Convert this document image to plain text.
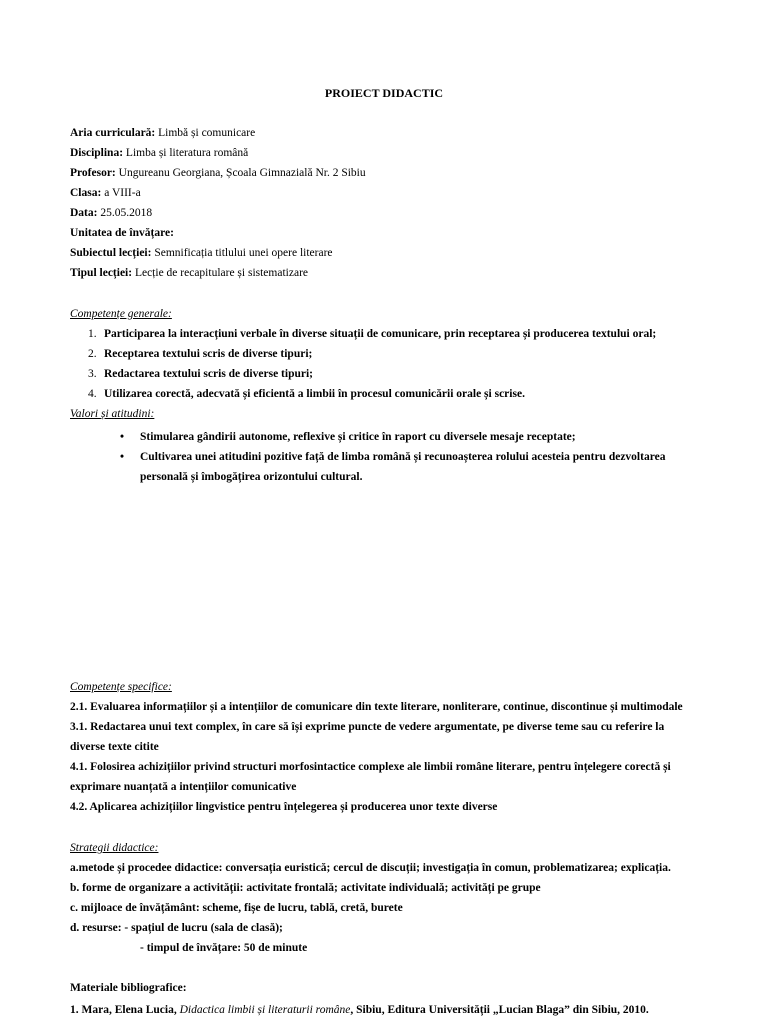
PROIECT DIDACTIC
Aria curriculară: Limbă și comunicare
Disciplina: Limba și literatura română
Profesor: Ungureanu Georgiana, Școala Gimnazială Nr. 2 Sibiu
Clasa: a VIII-a
Data: 25.05.2018
Unitatea de învățare:
Subiectul lecției: Semnificația titlului unei opere literare
Tipul lecției: Lecție de recapitulare și sistematizare
Competențe generale:
1. Participarea la interacțiuni verbale în diverse situații de comunicare, prin receptarea și producerea textului oral;
2. Receptarea textului scris de diverse tipuri;
3. Redactarea textului scris de diverse tipuri;
4. Utilizarea corectă, adecvată și eficientă a limbii în procesul comunicării orale și scrise.
Valori și atitudini:
• Stimularea gândirii autonome, reflexive și critice în raport cu diversele mesaje receptate;
• Cultivarea unei atitudini pozitive față de limba română și recunoașterea rolului acesteia pentru dezvoltarea
personală și îmbogățirea orizontului cultural.
Competențe specifice:
2.1. Evaluarea informațiilor și a intențiilor de comunicare din texte literare, nonliterare, continue, discontinue și multimodale
3.1. Redactarea unui text complex, în care să își exprime puncte de vedere argumentate, pe diverse teme sau cu referire la
diverse texte citite
4.1. Folosirea achizițiilor privind structuri morfosintactice complexe ale limbii române literare, pentru înțelegere corectă și
exprimare nuanțată a intențiilor comunicative
4.2. Aplicarea achizițiilor lingvistice pentru înțelegerea și producerea unor texte diverse
Strategii didactice:
a.metode și procedee didactice: conversația euristică; cercul de discuții; investigația în comun, problematizarea; explicația.
b. forme de organizare a activității: activitate frontală; activitate individuală; activități pe grupe
c. mijloace de învățământ: scheme, fișe de lucru, tablă, cretă, burete
d. resurse: - spațiul de lucru (sala de clasă);
- timpul de învățare: 50 de minute
Materiale bibliografice:
1. Mara, Elena Lucia, Didactica limbii și literaturii române, Sibiu, Editura Universității „Lucian Blaga” din Sibiu, 2010.
